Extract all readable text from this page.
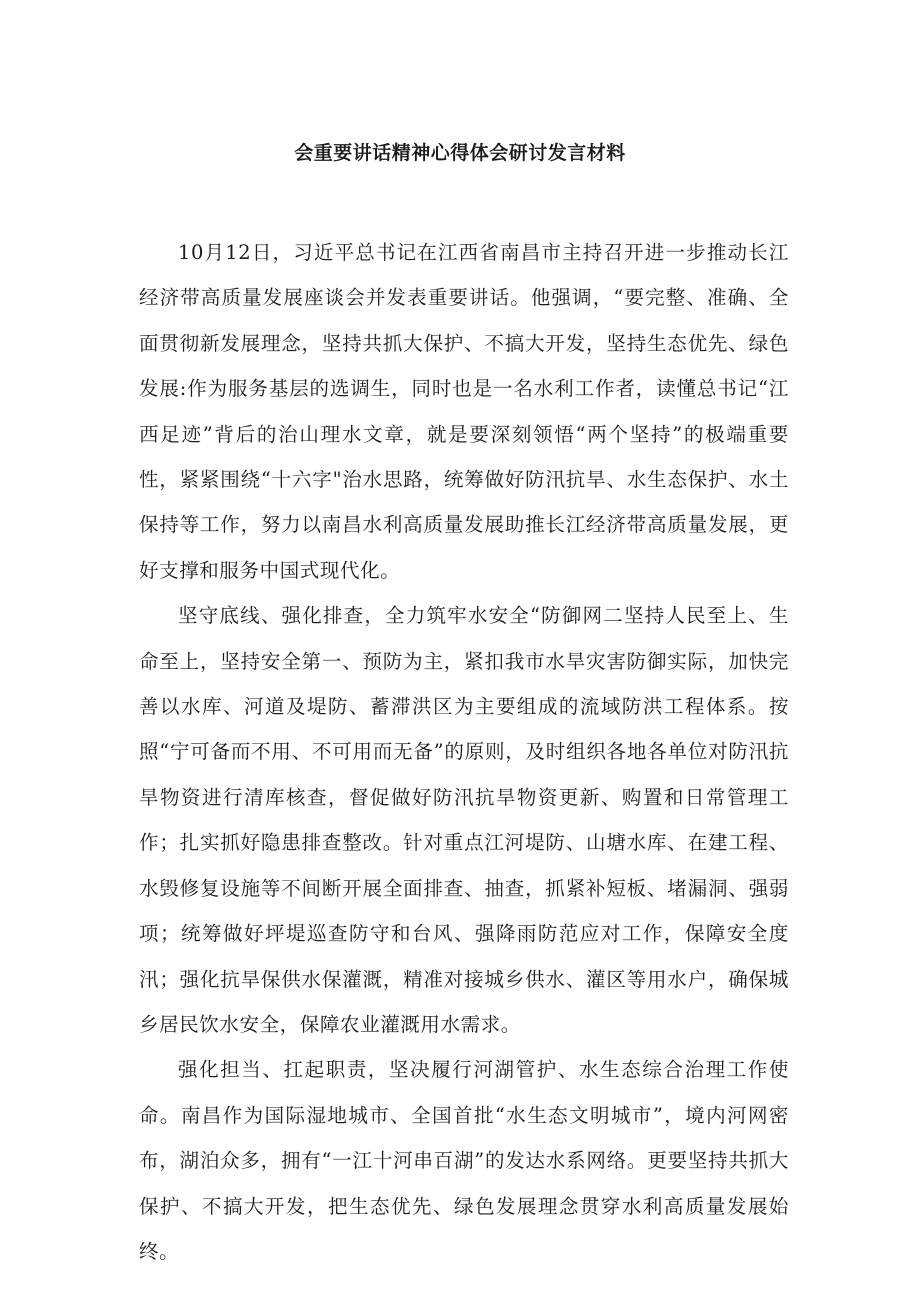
会重要讲话精神心得体会研讨发言材料

10月12日，习近平总书记在江西省南昌市主持召开进一步推动长江经济带高质量发展座谈会并发表重要讲话。他强调，“要完整、准确、全面贯彻新发展理念，坚持共抓大保护、不搞大开发，坚持生态优先、绿色发展:作为服务基层的选调生，同时也是一名水利工作者，读懂总书记“江西足迹”背后的治山理水文章，就是要深刻领悟“两个坚持”的极端重要性，紧紧围绕“十六字"治水思路，统筹做好防汛抗旱、水生态保护、水土保持等工作，努力以南昌水利高质量发展助推长江经济带高质量发展，更好支撑和服务中国式现代化。

坚守底线、强化排查，全力筑牢水安全“防御网二坚持人民至上、生命至上，坚持安全第一、预防为主，紧扣我市水旱灾害防御实际，加快完善以水库、河道及堤防、蓄滞洪区为主要组成的流域防洪工程体系。按照“宁可备而不用、不可用而无备”的原则，及时组织各地各单位对防汛抗旱物资进行清库核查，督促做好防汛抗旱物资更新、购置和日常管理工作；扎实抓好隐患排查整改。针对重点江河堤防、山塘水库、在建工程、水毁修复设施等不间断开展全面排查、抽查，抓紧补短板、堵漏洞、强弱项；统筹做好坪堤巡查防守和台风、强降雨防范应对工作，保障安全度汛；强化抗旱保供水保灌溉，精准对接城乡供水、灌区等用水户，确保城乡居民饮水安全，保障农业灌溉用水需求。

强化担当、扛起职责，坚决履行河湖管护、水生态综合治理工作使命。南昌作为国际湿地城市、全国首批“水生态文明城市”，境内河网密布，湖泊众多，拥有“一江十河串百湖”的发达水系网络。更要坚持共抓大保护、不搞大开发，把生态优先、绿色发展理念贯穿水利高质量发展始终。
